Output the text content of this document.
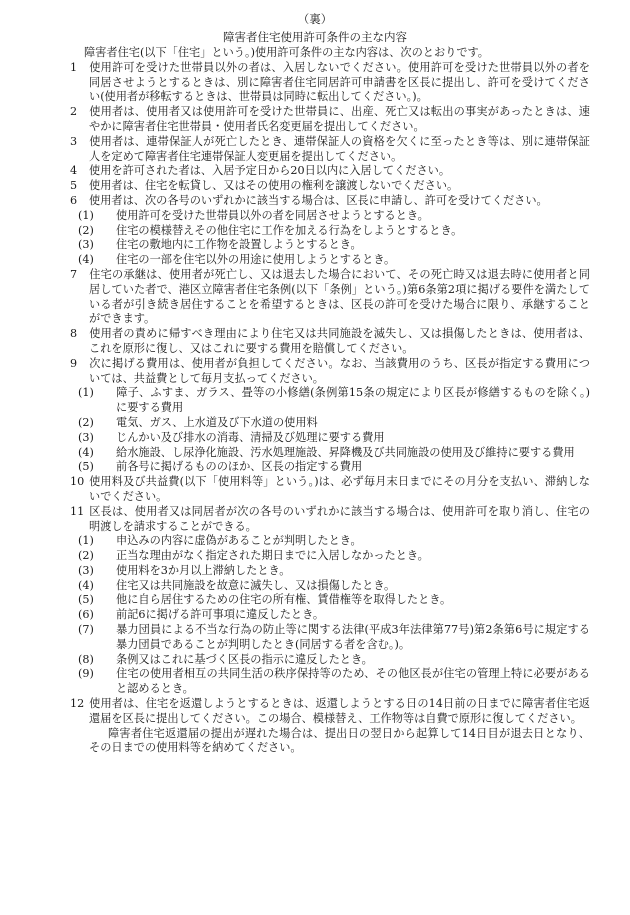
（裏）
障害者住宅使用許可条件の主な内容

障害者住宅(以下「住宅」という。)使用許可条件の主な内容は、次のとおりです。

1 使用許可を受けた世帯員以外の者は、入居しないでください。使用許可を受けた世帯員以外の者を同居させようとするときは、別に障害者住宅同居許可申請書を区長に提出し、許可を受けてください(使用者が移転するときは、世帯員は同時に転出してください。)。

2 使用者は、使用者又は使用許可を受けた世帯員に、出産、死亡又は転出の事実があったときは、速やかに障害者住宅世帯員・使用者氏名変更届を提出してください。

3 使用者は、連帯保証人が死亡したとき、連帯保証人の資格を欠くに至ったとき等は、別に連帯保証人を定めて障害者住宅連帯保証人変更届を提出してください。

4 使用を許可された者は、入居予定日から20日以内に入居してください。

5 使用者は、住宅を転貸し、又はその使用の権利を譲渡しないでください。

6 使用者は、次の各号のいずれかに該当する場合は、区長に申請し、許可を受けてください。

(1) 使用許可を受けた世帯員以外の者を同居させようとするとき。

(2) 住宅の模様替えその他住宅に工作を加える行為をしようとするとき。

(3) 住宅の敷地内に工作物を設置しようとするとき。

(4) 住宅の一部を住宅以外の用途に使用しようとするとき。

7 住宅の承継は、使用者が死亡し、又は退去した場合において、その死亡時又は退去時に使用者と同居していた者で、港区立障害者住宅条例(以下「条例」という。)第6条第2項に掲げる要件を満たしている者が引き続き居住することを希望するときは、区長の許可を受けた場合に限り、承継することができます。

8 使用者の責めに帰すべき理由により住宅又は共同施設を滅失し、又は損傷したときは、使用者は、これを原形に復し、又はこれに要する費用を賠償してください。

9 次に掲げる費用は、使用者が負担してください。なお、当該費用のうち、区長が指定する費用については、共益費として毎月支払ってください。

(1) 障子、ふすま、ガラス、畳等の小修繕(条例第15条の規定により区長が修繕するものを除く。)に要する費用

(2) 電気、ガス、上水道及び下水道の使用料

(3) じんかい及び排水の消毒、清掃及び処理に要する費用

(4) 給水施設、し尿浄化施設、汚水処理施設、昇降機及び共同施設の使用及び維持に要する費用

(5) 前各号に掲げるもののほか、区長の指定する費用

10 使用料及び共益費(以下「使用料等」という。)は、必ず毎月末日までにその月分を支払い、滞納しないでください。

11 区長は、使用者又は同居者が次の各号のいずれかに該当する場合は、使用許可を取り消し、住宅の明渡しを請求することができる。

(1) 申込みの内容に虚偽があることが判明したとき。

(2) 正当な理由がなく指定された期日までに入居しなかったとき。

(3) 使用料を3か月以上滞納したとき。

(4) 住宅又は共同施設を故意に滅失し、又は損傷したとき。

(5) 他に自ら居住するための住宅の所有権、賃借権等を取得したとき。

(6) 前記6に掲げる許可事項に違反したとき。

(7) 暴力団員による不当な行為の防止等に関する法律(平成3年法律第77号)第2条第6号に規定する暴力団員であることが判明したとき(同居する者を含む。)。

(8) 条例又はこれに基づく区長の指示に違反したとき。

(9) 住宅の使用者相互の共同生活の秩序保持等のため、その他区長が住宅の管理上特に必要があると認めるとき。

12 使用者は、住宅を返還しようとするときは、返還しようとする日の14日前の日までに障害者住宅返還届を区長に提出してください。この場合、模様替え、工作物等は自費で原形に復してください。

障害者住宅返還届の提出が遅れた場合は、提出日の翌日から起算して14日目が退去日となり、その日までの使用料等を納めてください。
